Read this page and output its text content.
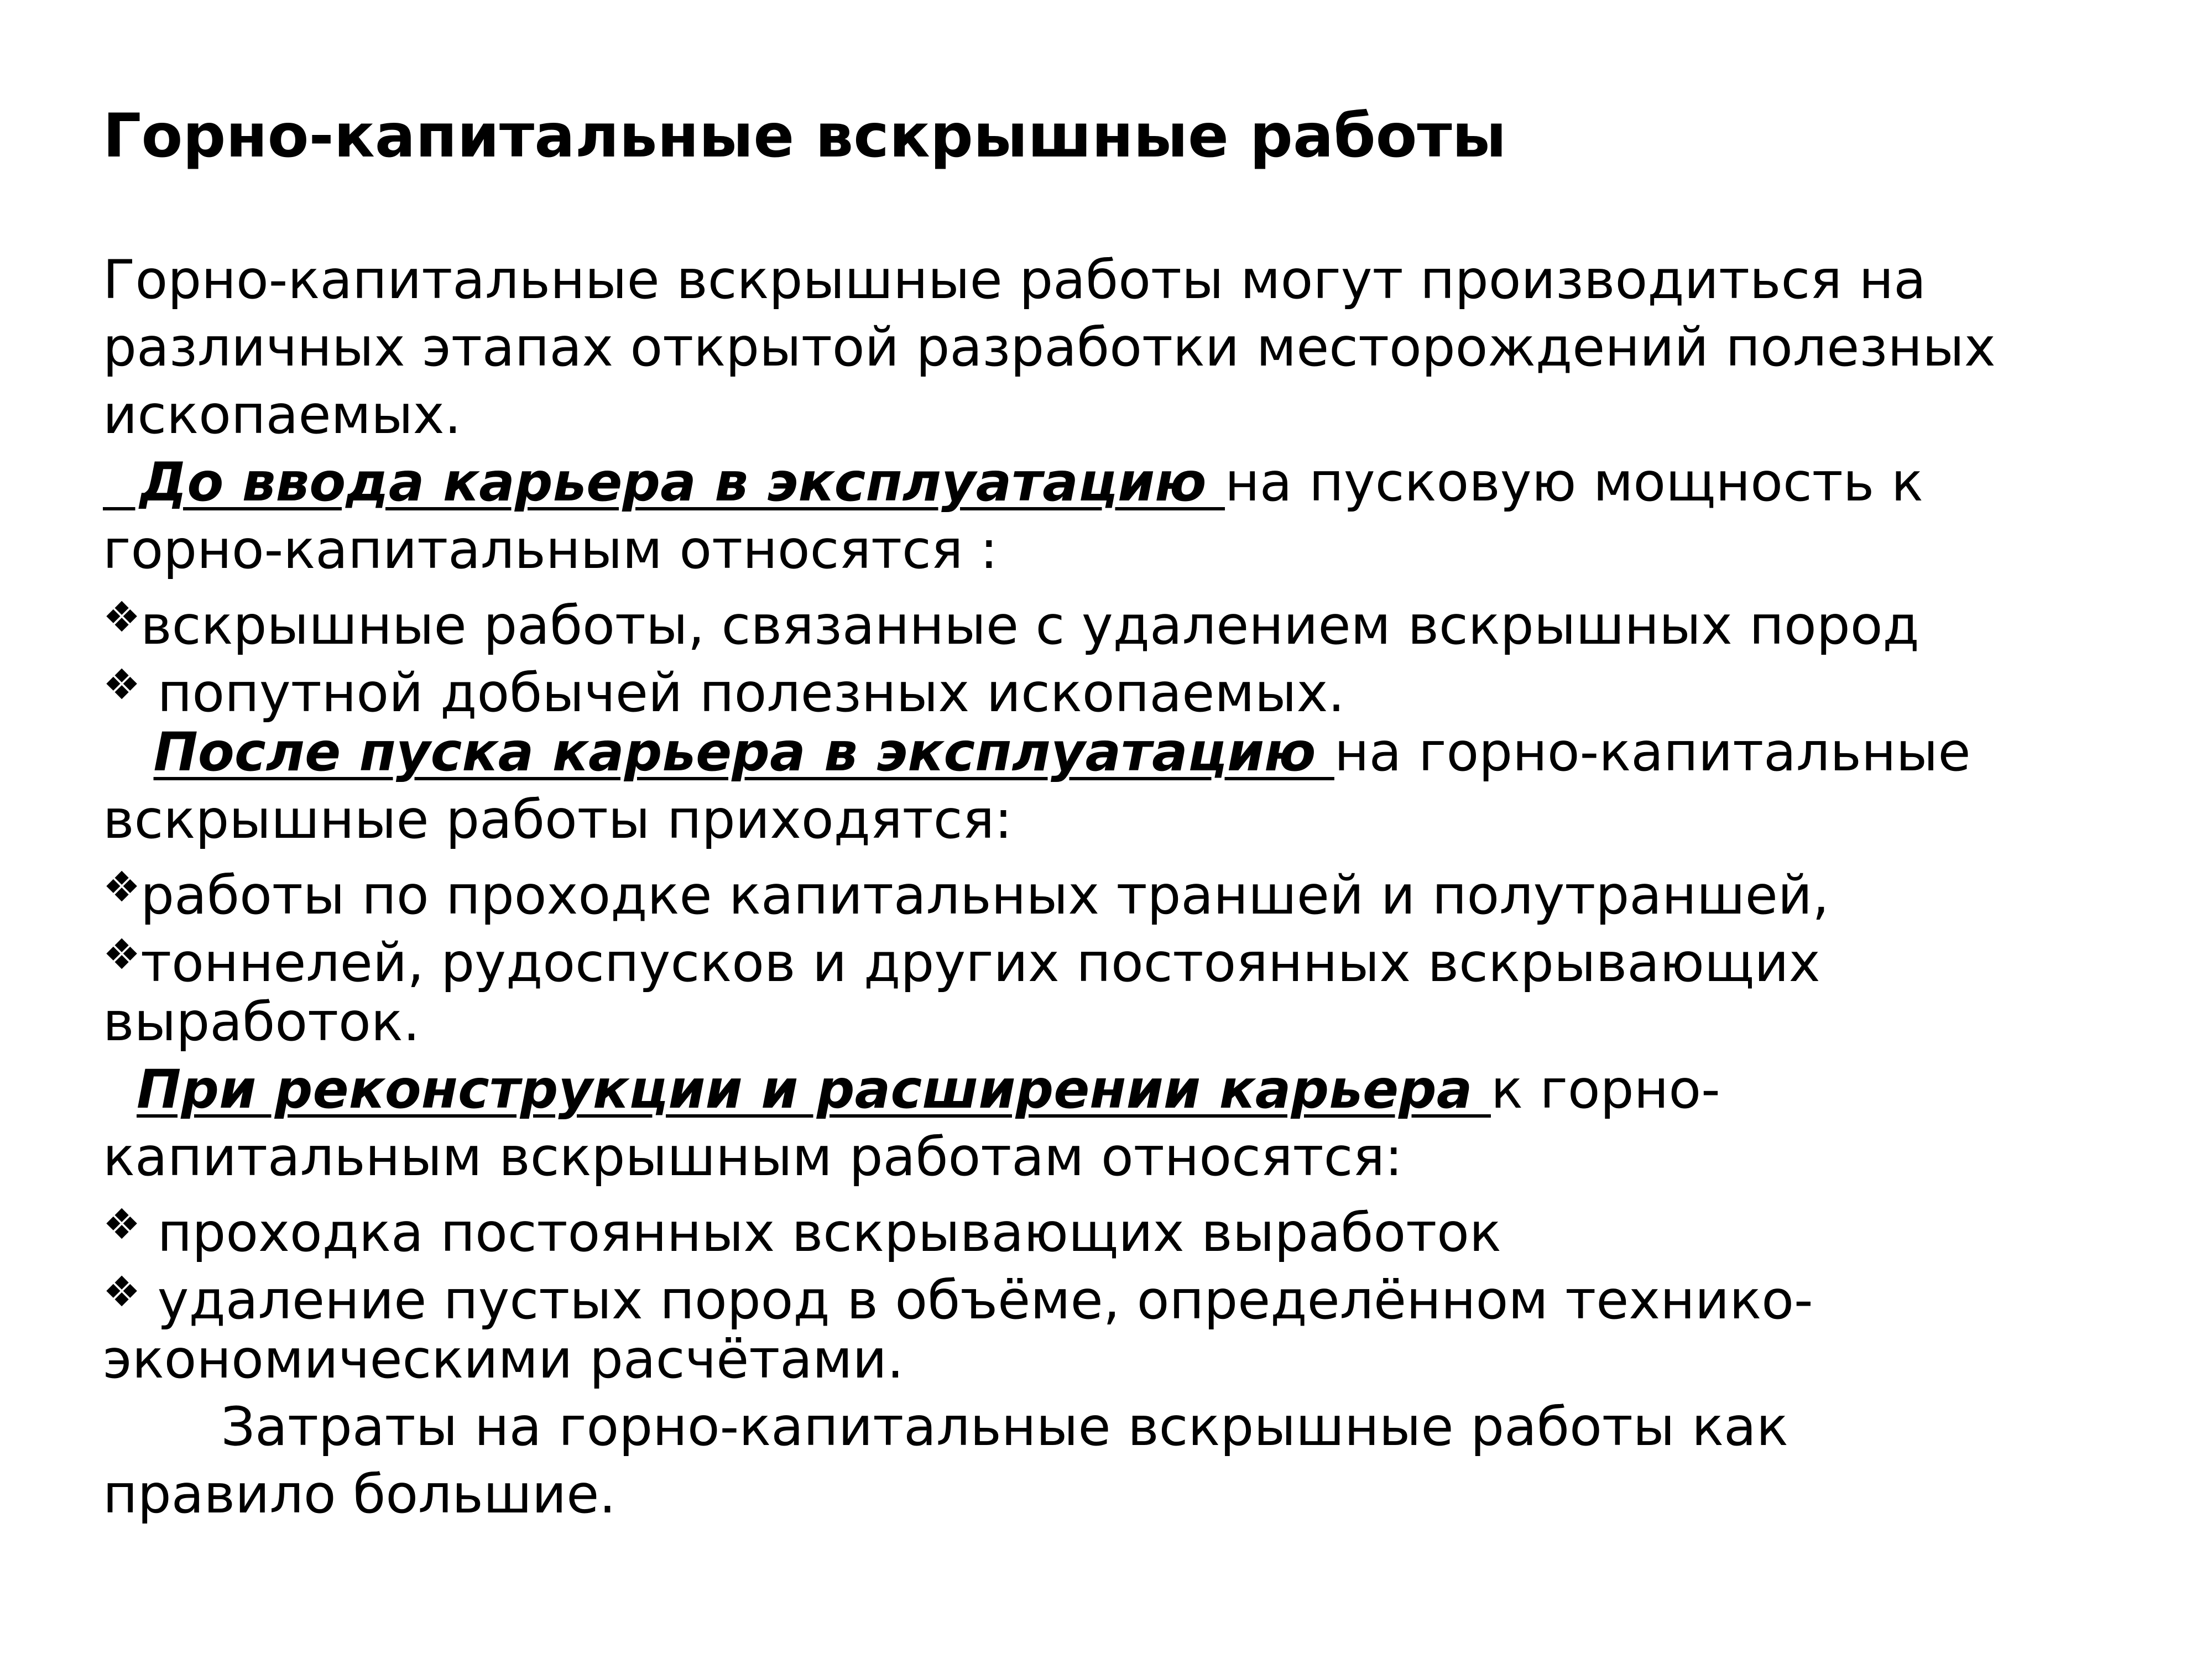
Горно-капитальные вскрышные работы
Горно-капитальные вскрышные работы могут производиться на
различных этапах открытой разработки месторождений полезных
ископаемых.
До ввода карьера в эксплуатацию на пусковую мощность к
горно-капитальным относятся :
❖вскрышные работы, связанные с удалением вскрышных пород
❖ попутной добычей полезных ископаемых.
После пуска карьера в эксплуатацию на горно-капитальные
вскрышные работы приходятся:
❖работы по проходке капитальных траншей и полутраншей,
❖тоннелей, рудоспусков и других постоянных вскрывающих
выработок.
При реконструкции и расширении карьера к горно-
капитальным вскрышным работам относятся:
❖ проходка постоянных вскрывающих выработок
❖ удаление пустых пород в объёме, определённом технико-
экономическими расчётами.
Затраты на горно-капитальные вскрышные работы как
правило большие.
